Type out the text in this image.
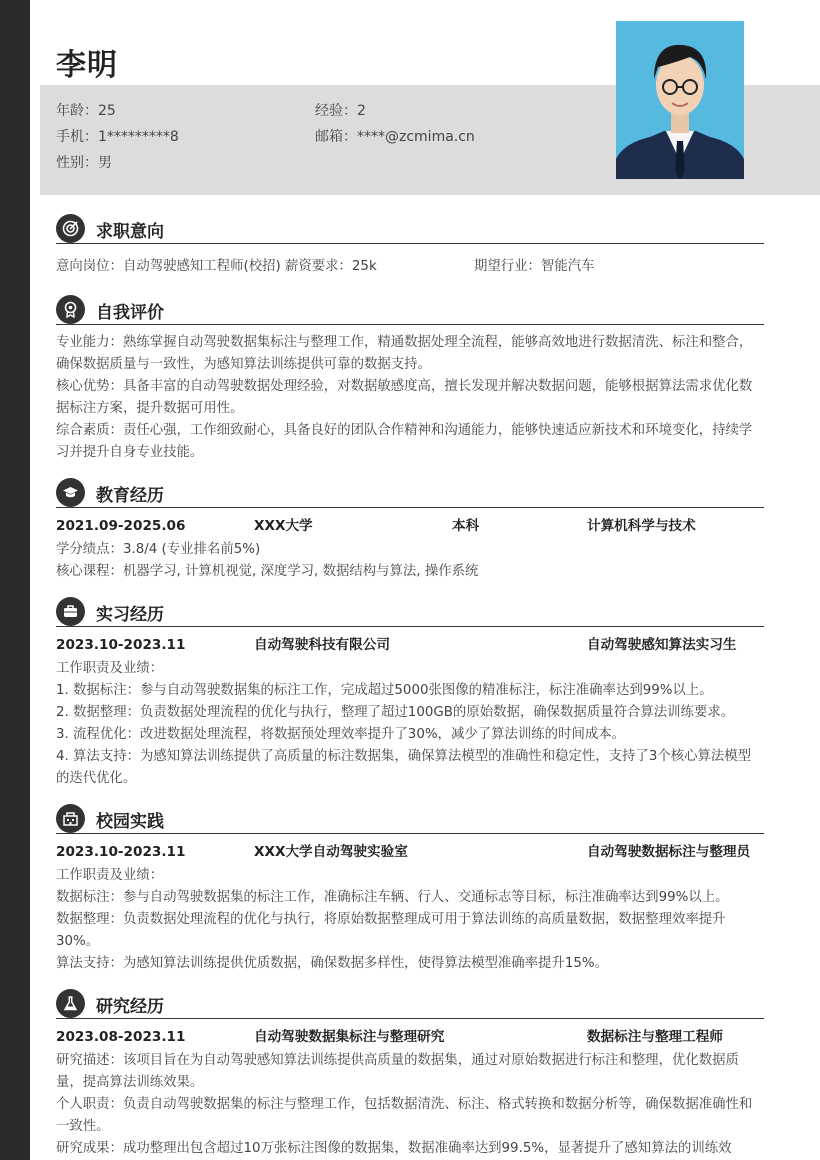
李明
年龄：25	经验：2
手机：1*********8	邮箱：****@zcmima.cn
性别：男
求职意向
意向岗位：自动驾驶感知工程师(校招) 薪资要求：25k	期望行业：智能汽车
自我评价
专业能力：熟练掌握自动驾驶数据集标注与整理工作，精通数据处理全流程，能够高效地进行数据清洗、标注和整合，确保数据质量与一致性，为感知算法训练提供可靠的数据支持。
核心优势：具备丰富的自动驾驶数据处理经验，对数据敏感度高，擅长发现并解决数据问题，能够根据算法需求优化数据标注方案，提升数据可用性。
综合素质：责任心强，工作细致耐心，具备良好的团队合作精神和沟通能力，能够快速适应新技术和环境变化，持续学习并提升自身专业技能。
教育经历
2021.09-2025.06	XXX大学	本科	计算机科学与技术
学分绩点：3.8/4 (专业排名前5%)
核心课程：机器学习, 计算机视觉, 深度学习, 数据结构与算法, 操作系统
实习经历
2023.10-2023.11	自动驾驶科技有限公司	自动驾驶感知算法实习生
工作职责及业绩：
1. 数据标注：参与自动驾驶数据集的标注工作，完成超过5000张图像的精准标注，标注准确率达到99%以上。
2. 数据整理：负责数据处理流程的优化与执行，整理了超过100GB的原始数据，确保数据质量符合算法训练要求。
3. 流程优化：改进数据处理流程，将数据预处理效率提升了30%，减少了算法训练的时间成本。
4. 算法支持：为感知算法训练提供了高质量的标注数据集，确保算法模型的准确性和稳定性，支持了3个核心算法模型的迭代优化。
校园实践
2023.10-2023.11	XXX大学自动驾驶实验室	自动驾驶数据标注与整理员
工作职责及业绩：
数据标注：参与自动驾驶数据集的标注工作，准确标注车辆、行人、交通标志等目标，标注准确率达到99%以上。
数据整理：负责数据处理流程的优化与执行，将原始数据整理成可用于算法训练的高质量数据，数据整理效率提升30%。
算法支持：为感知算法训练提供优质数据，确保数据多样性，使得算法模型准确率提升15%。
研究经历
2023.08-2023.11	自动驾驶数据集标注与整理研究	数据标注与整理工程师
研究描述：该项目旨在为自动驾驶感知算法训练提供高质量的数据集，通过对原始数据进行标注和整理，优化数据质量，提高算法训练效果。
个人职责：负责自动驾驶数据集的标注与整理工作，包括数据清洗、标注、格式转换和数据分析等，确保数据准确性和一致性。
研究成果：成功整理出包含超过10万张标注图像的数据集，数据准确率达到99.5%，显著提升了感知算法的训练效
